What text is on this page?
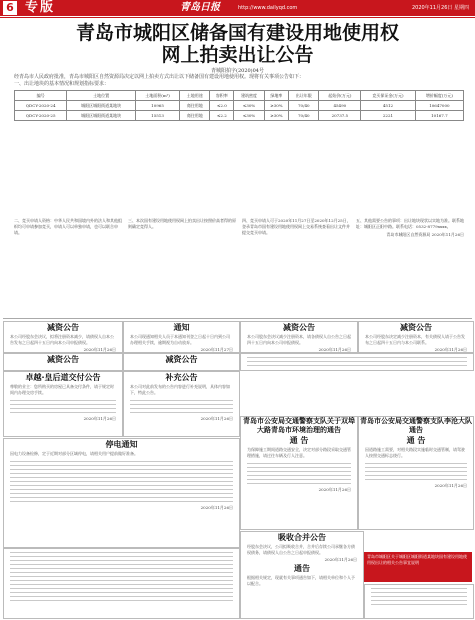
6 专版	青岛日报	http://www.dailyqd.com	2020年11月26日 星期四
青岛市城阳区储备国有建设用地使用权
网上拍卖出让公告
青城阳拍字(2020)04号
经青岛市人民政府批准，青岛市城阳区自然资源局决定以网上拍卖方式出让以下储备国有建设用地使用权。现将有关事项公告如下：
一、出让地块的基本情况和规划指标要求：
编号	土地位置	土地面积(m²)	土地用途	容积率	建筑密度	绿地率	出让年限	起始价(万元)	竞买保证金(万元)	增价幅度(万元)
QDCY-2020-24	城阳区城阳街道某地块	10965	商住用地	≤2.0	≤30%	≥30%	70/40	45490	4512	10647000
QDCY-2020-25	城阳区城阳街道某地块	15513	商住用地	≤2.2	≤30%	≥30%	70/40	20737.5	2221	10167.7

二、竞买申请人资格：中华人民共和国境内外的法人和其他组织均可申请参加竞买，申请人可以单独申请，也可以联合申请。

三、本次国有建设用地使用权网上拍卖出让按照价高者得的原则确定竞得人。

四、竞买申请人可于2020年11月27日至2020年12月25日，登录青岛市国有建设用地使用权网上交易系统查看出让文件并提交竞买申请。

五、其他需要公告的事项：出让地块现状以实地为准。联系地址：城阳区正阳中路。联系电话：0532-8779xxxx。

青岛市城阳区自然资源局 2020年11月26日

减资公告
本公司经股东会决议，拟将注册资本减少，请债权人自本公告发布之日起四十五日内向本公司申报债权。
2020年11月26日
通知
本公司现通知相关人员于本通知刊登之日起十日内到公司办理相关手续，逾期视为自动放弃。
2020年11月27日
减资公告
本公司股东会决议减少注册资本，请各债权人自公告之日起四十五日内向本公司申报债权。
2020年11月26日
减资公告
本公司经股东决定减少注册资本，有关债权人请于公告发布之日起四十五日内与本公司联系。
2020年11月26日
减资公告	减资公告
卓越·皇后道交付公告
尊敬的业主：您所购买的房屋已具备交付条件，请于规定时间内办理交房手续。
2020年11月26日
补充公告
本公司对此前发布的公告内容进行补充说明，具体内容如下，特此公告。
2020年11月26日	青岛市公安局交通警察支队关于双埠大路青岛市环境治理的通告
通 告
为保障施工期间道路交通安全，决定对部分路段采取交通管理措施，请过往车辆及行人注意。
2020年11月26日
青岛市公安局交通警察支队李沧大队通告
通 告
因道路施工需要，对相关路段实施临时交通管制，请驾驶人按照交通标志绕行。
2020年11月26日
停电通知
因电力设备检修，定于近期对部分区域停电，请相关用户提前做好准备。
2020年11月26日
吸收合并公告
经股东会决议，公司拟吸收合并，合并后存续公司承继各方债权债务，请债权人自公告之日起申报债权。
2020年11月26日
通告
根据相关规定，现就有关事项通告如下，请相关单位和个人予以配合。
青岛市城阳区关于城阳区城阳街道某地块国有建设用地使用权出让的相关公告事宜说明
